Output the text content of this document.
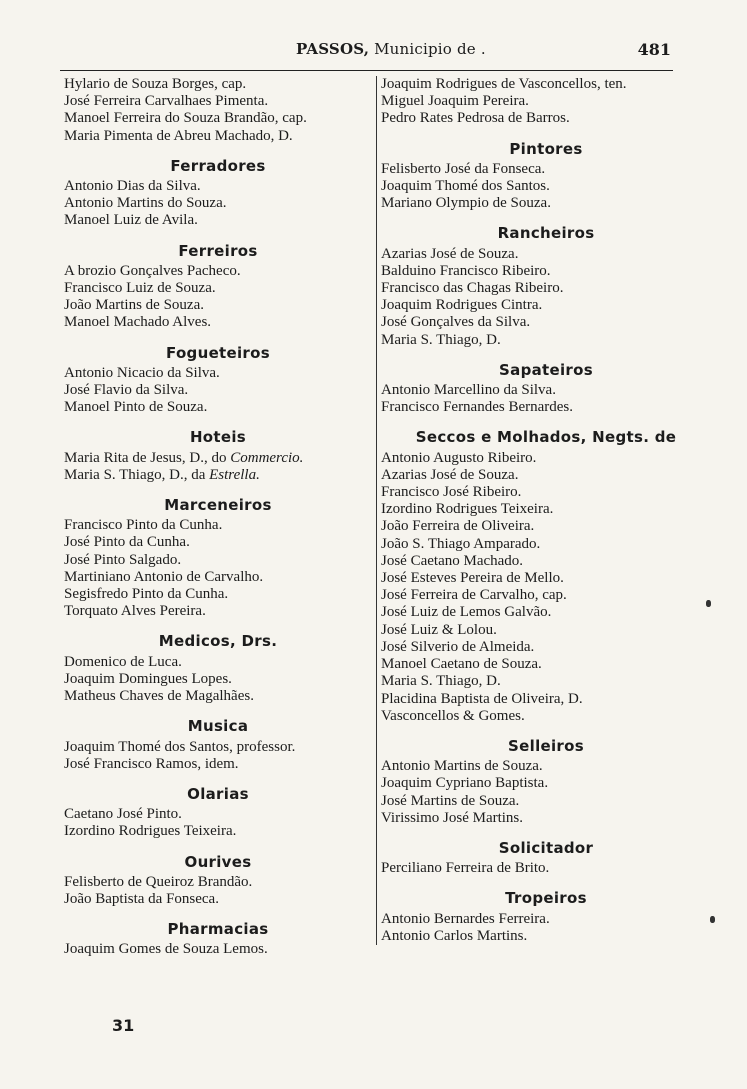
PASSOS, Municipio de .	481
Hylario de Souza Borges, cap.
José Ferreira Carvalhaes Pimenta.
Manoel Ferreira do Souza Brandão, cap.
Maria Pimenta de Abreu Machado, D.
Ferradores
Antonio Dias da Silva.
Antonio Martins do Souza.
Manoel Luiz de Avila.
Ferreiros
A brozio Gonçalves Pacheco.
Francisco Luiz de Souza.
João Martins de Souza.
Manoel Machado Alves.
Fogueteiros
Antonio Nicacio da Silva.
José Flavio da Silva.
Manoel Pinto de Souza.
Hoteis
Maria Rita de Jesus, D., do Commercio.
Maria S. Thiago, D., da Estrella.
Marceneiros
Francisco Pinto da Cunha.
José Pinto da Cunha.
José Pinto Salgado.
Martiniano Antonio de Carvalho.
Segisfredo Pinto da Cunha.
Torquato Alves Pereira.
Medicos, Drs.
Domenico de Luca.
Joaquim Domingues Lopes.
Matheus Chaves de Magalhães.
Musica
Joaquim Thomé dos Santos, professor.
José Francisco Ramos, idem.
Olarias
Caetano José Pinto.
Izordino Rodrigues Teixeira.
Ourives
Felisberto de Queiroz Brandão.
João Baptista da Fonseca.
Pharmacias
Joaquim Gomes de Souza Lemos.
Joaquim Rodrigues de Vasconcellos, ten.
Miguel Joaquim Pereira.
Pedro Rates Pedrosa de Barros.
Pintores
Felisberto José da Fonseca.
Joaquim Thomé dos Santos.
Mariano Olympio de Souza.
Rancheiros
Azarias José de Souza.
Balduino Francisco Ribeiro.
Francisco das Chagas Ribeiro.
Joaquim Rodrigues Cintra.
José Gonçalves da Silva.
Maria S. Thiago, D.
Sapateiros
Antonio Marcellino da Silva.
Francisco Fernandes Bernardes.
Seccos e Molhados, Negts. de
Antonio Augusto Ribeiro.
Azarias José de Souza.
Francisco José Ribeiro.
Izordino Rodrigues Teixeira.
João Ferreira de Oliveira.
João S. Thiago Amparado.
José Caetano Machado.
José Esteves Pereira de Mello.
José Ferreira de Carvalho, cap.
José Luiz de Lemos Galvão.
José Luiz & Lolou.
José Silverio de Almeida.
Manoel Caetano de Souza.
Maria S. Thiago, D.
Placidina Baptista de Oliveira, D.
Vasconcellos & Gomes.
Selleiros
Antonio Martins de Souza.
Joaquim Cypriano Baptista.
José Martins de Souza.
Virissimo José Martins.
Solicitador
Perciliano Ferreira de Brito.
Tropeiros
Antonio Bernardes Ferreira.
Antonio Carlos Martins.
31
